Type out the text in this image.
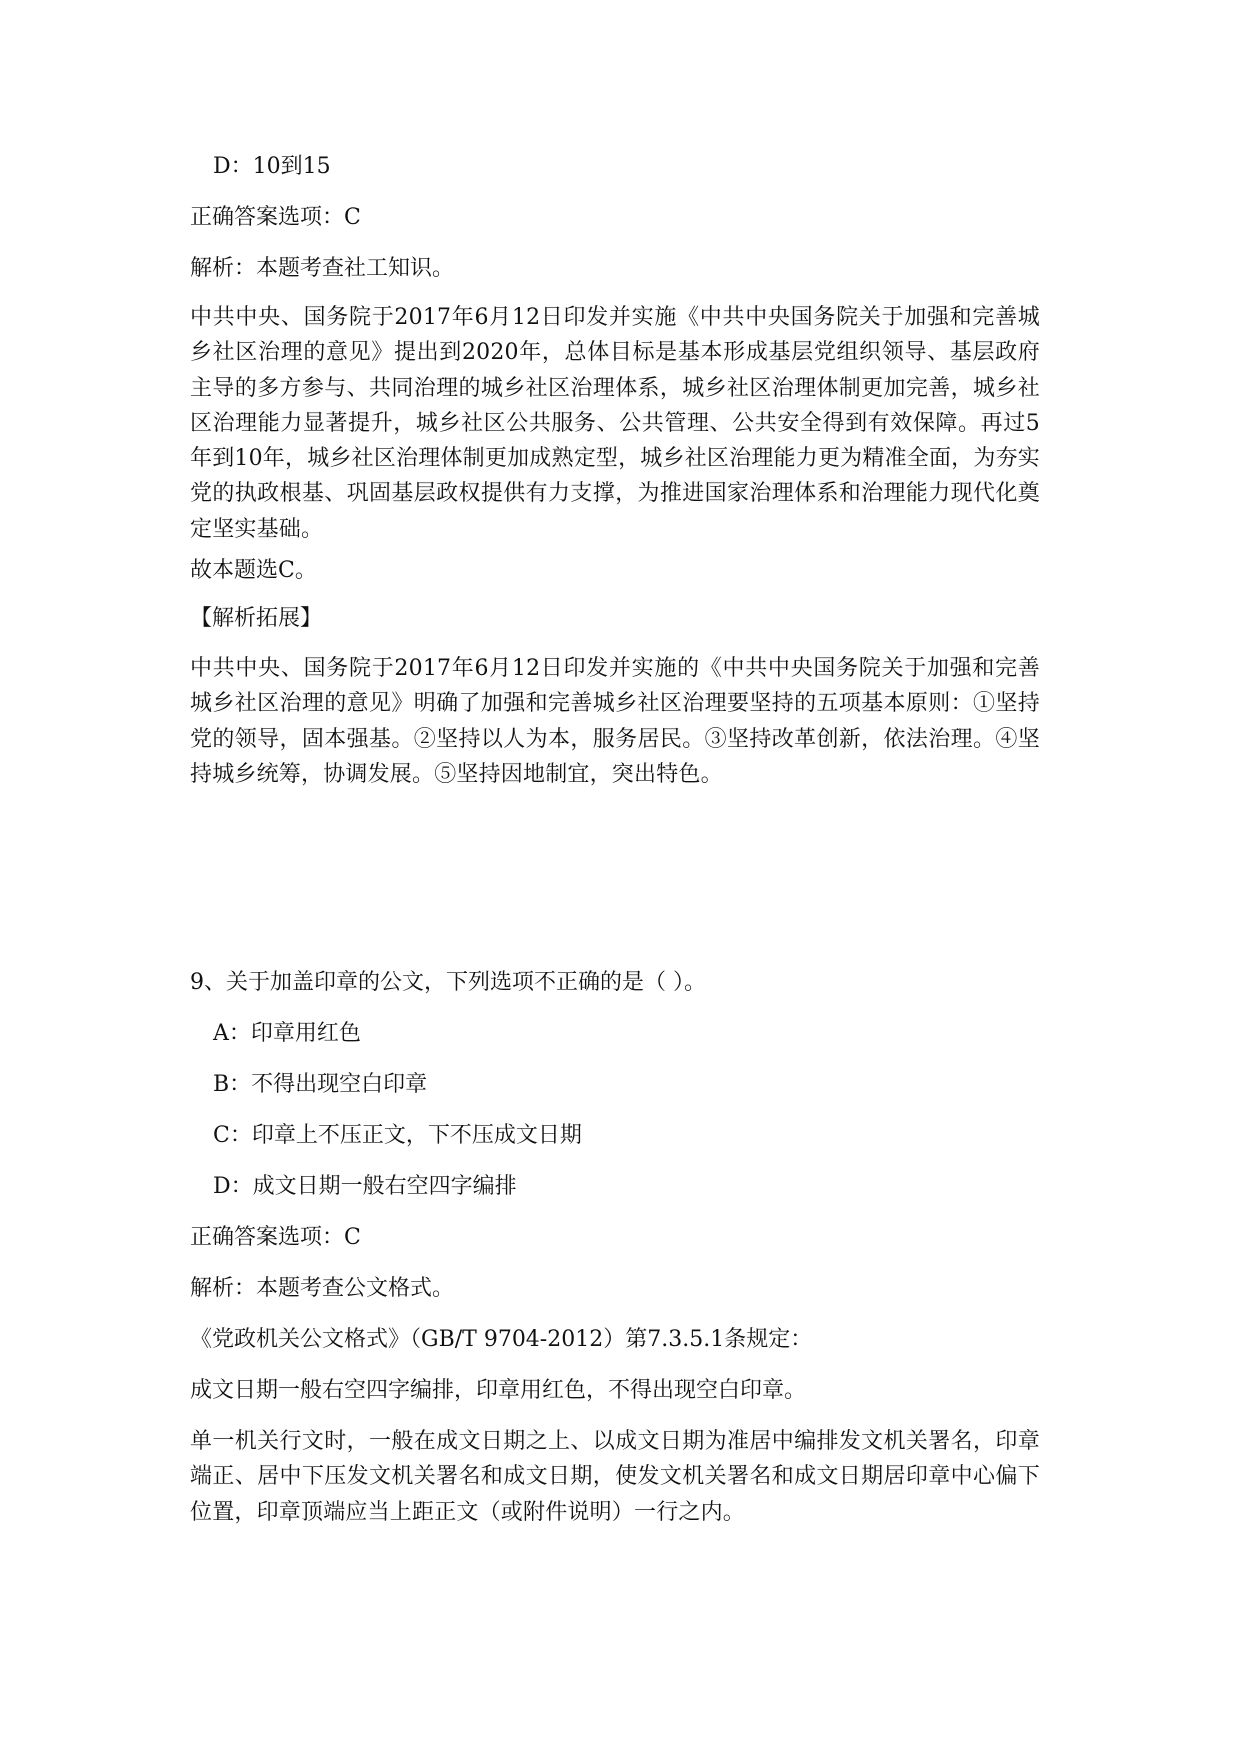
D：10到15
正确答案选项：C
解析：本题考查社工知识。
中共中央、国务院于2017年6月12日印发并实施《中共中央国务院关于加强和完善城乡社区治理的意见》提出到2020年，总体目标是基本形成基层党组织领导、基层政府主导的多方参与、共同治理的城乡社区治理体系，城乡社区治理体制更加完善，城乡社区治理能力显著提升，城乡社区公共服务、公共管理、公共安全得到有效保障。再过5年到10年，城乡社区治理体制更加成熟定型，城乡社区治理能力更为精准全面，为夯实党的执政根基、巩固基层政权提供有力支撑，为推进国家治理体系和治理能力现代化奠定坚实基础。
故本题选C。
【解析拓展】
中共中央、国务院于2017年6月12日印发并实施的《中共中央国务院关于加强和完善城乡社区治理的意见》明确了加强和完善城乡社区治理要坚持的五项基本原则：①坚持党的领导，固本强基。②坚持以人为本，服务居民。③坚持改革创新，依法治理。④坚持城乡统筹，协调发展。⑤坚持因地制宜，突出特色。
9、关于加盖印章的公文，下列选项不正确的是（ ）。
A：印章用红色
B：不得出现空白印章
C：印章上不压正文，下不压成文日期
D：成文日期一般右空四字编排
正确答案选项：C
解析：本题考查公文格式。
《党政机关公文格式》（GB/T 9704-2012）第7.3.5.1条规定：
成文日期一般右空四字编排，印章用红色，不得出现空白印章。
单一机关行文时，一般在成文日期之上、以成文日期为准居中编排发文机关署名，印章端正、居中下压发文机关署名和成文日期，使发文机关署名和成文日期居印章中心偏下位置，印章顶端应当上距正文（或附件说明）一行之内。
